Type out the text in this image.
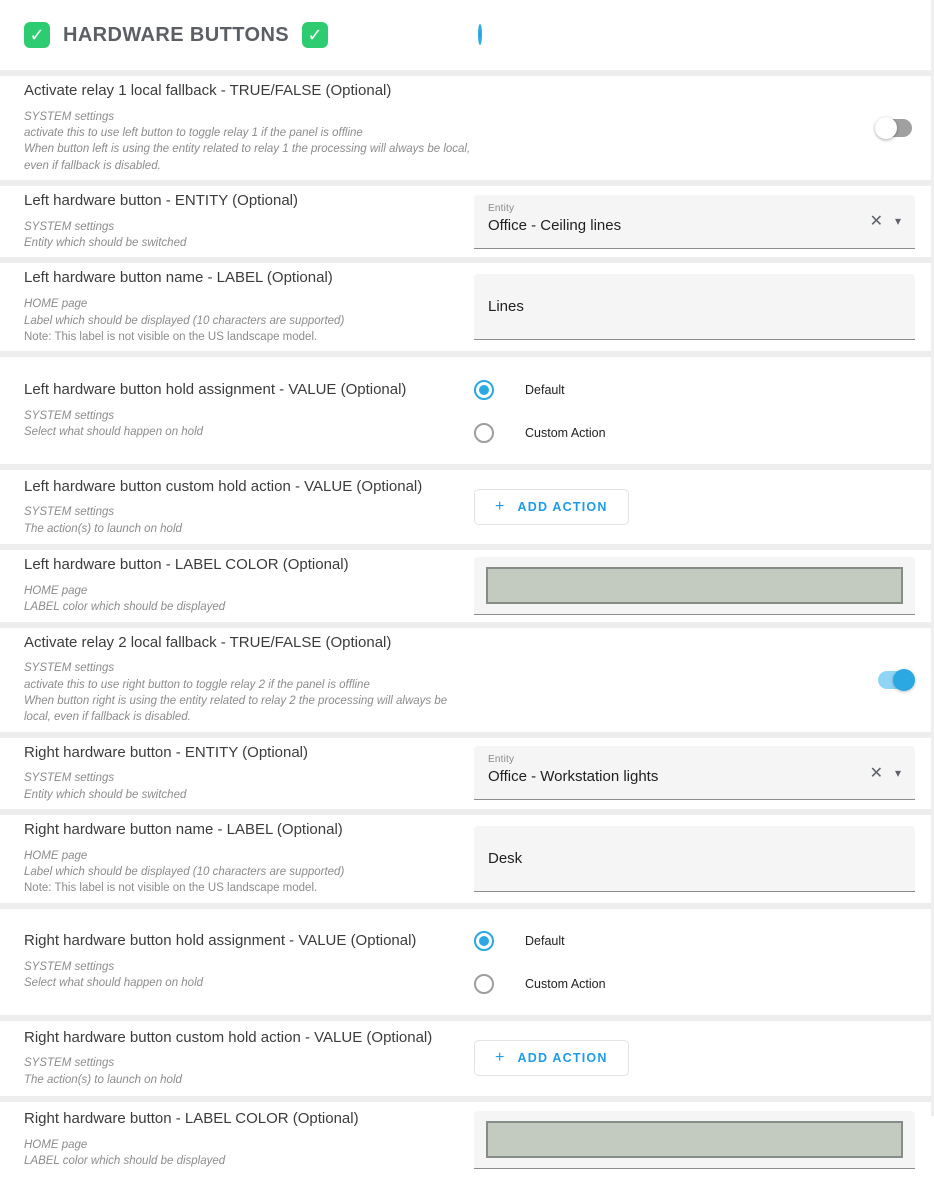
✓ HARDWARE BUTTONS	✓
Activate relay 1 local fallback - TRUE/FALSE (Optional)
SYSTEM settings
activate this to use left button to toggle relay 1 if the panel is offline
When button left is using the entity related to relay 1 the processing will always be local, even if fallback is disabled.
Left hardware button - ENTITY (Optional)
SYSTEM settings
Entity which should be switched
Entity
Office - Ceiling lines	✕ ▾
Left hardware button name - LABEL (Optional)
HOME page
Label which should be displayed (10 characters are supported)
Note: This label is not visible on the US landscape model.
Lines
Left hardware button hold assignment - VALUE (Optional)
SYSTEM settings
Select what should happen on hold
Default
Custom Action
Left hardware button custom hold action - VALUE (Optional)
SYSTEM settings
The action(s) to launch on hold
+ ADD ACTION
Left hardware button - LABEL COLOR (Optional)
HOME page
LABEL color which should be displayed
Activate relay 2 local fallback - TRUE/FALSE (Optional)
SYSTEM settings
activate this to use right button to toggle relay 2 if the panel is offline
When button right is using the entity related to relay 2 the processing will always be local, even if fallback is disabled.
Right hardware button - ENTITY (Optional)
SYSTEM settings
Entity which should be switched
Entity
Office - Workstation lights	✕ ▾
Right hardware button name - LABEL (Optional)
HOME page
Label which should be displayed (10 characters are supported)
Note: This label is not visible on the US landscape model.
Desk
Right hardware button hold assignment - VALUE (Optional)
SYSTEM settings
Select what should happen on hold
Default
Custom Action
Right hardware button custom hold action - VALUE (Optional)
SYSTEM settings
The action(s) to launch on hold
+ ADD ACTION
Right hardware button - LABEL COLOR (Optional)
HOME page
LABEL color which should be displayed
